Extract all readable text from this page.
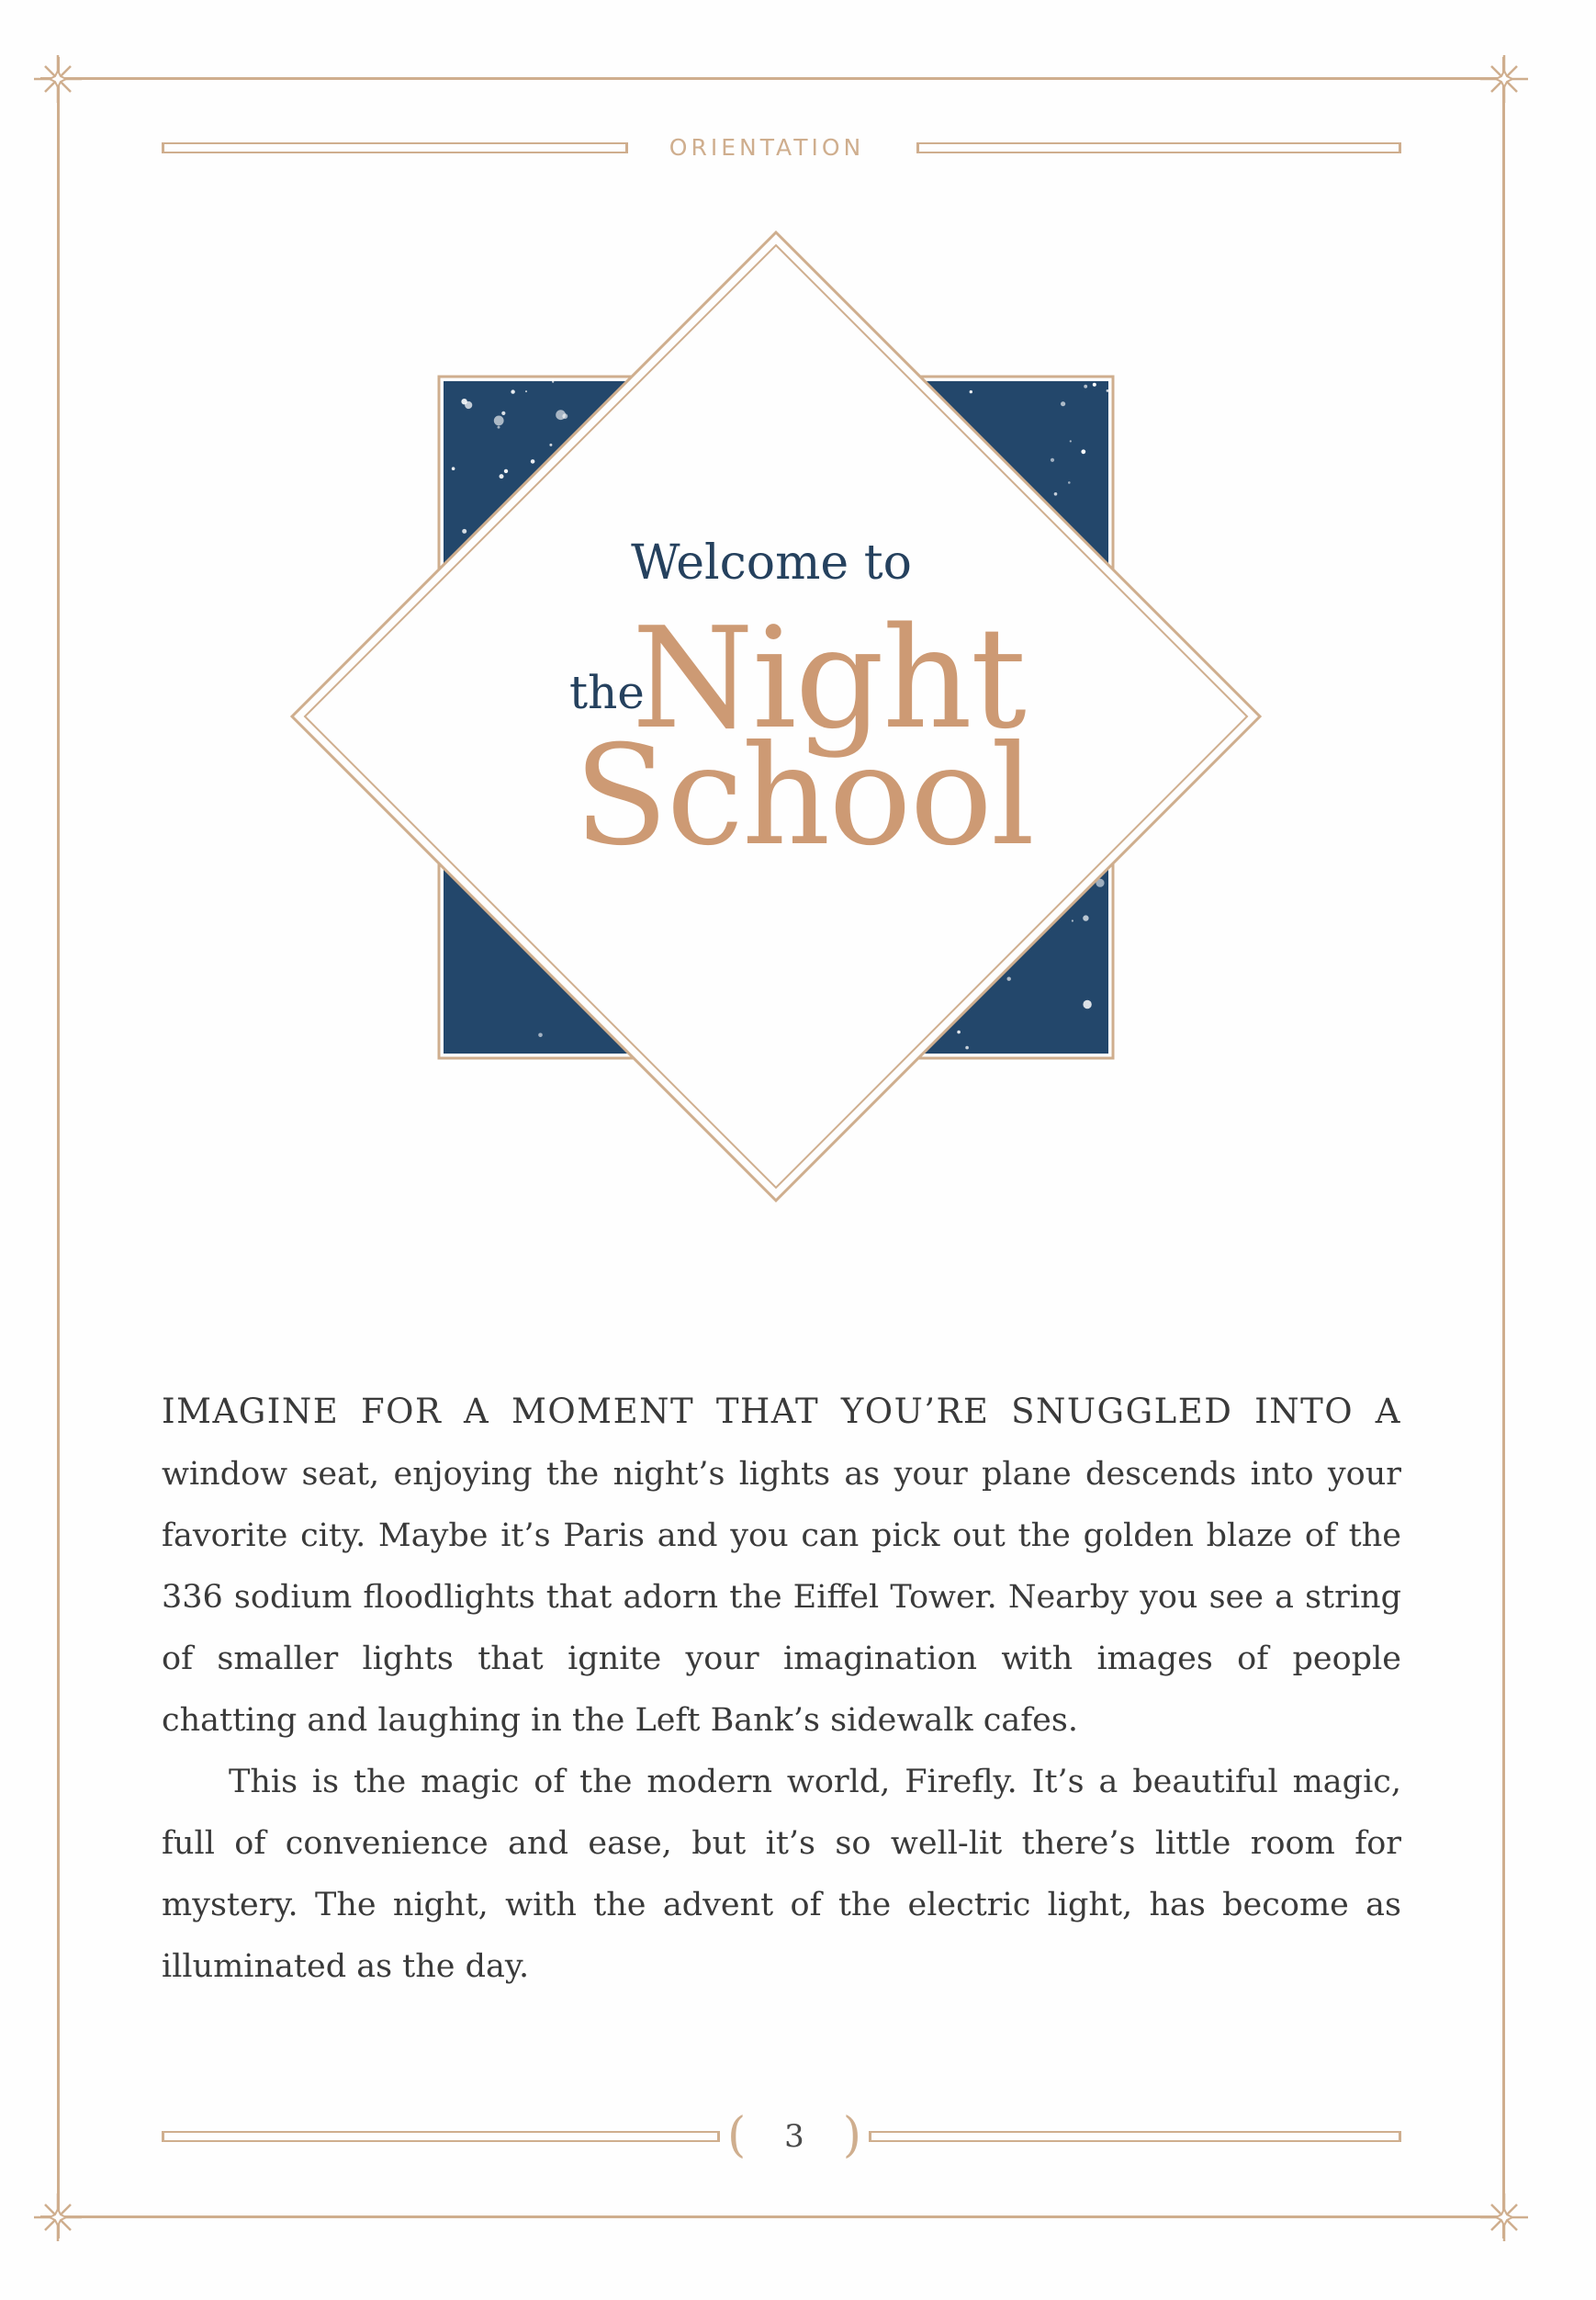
ORIENTATION
Welcome to
the
Night
School

IMAGINE FOR A MOMENT THAT YOU’RE SNUGGLED INTO A window seat, enjoying the night’s lights as your plane descends into your favorite city. Maybe it’s Paris and you can pick out the golden blaze of the 336 sodium floodlights that adorn the Eiffel Tower. Nearby you see a string of smaller lights that ignite your imagination with images of people chatting and laughing in the Left Bank’s sidewalk cafes.

This is the magic of the modern world, Firefly. It’s a beautiful magic, full of convenience and ease, but it’s so well-lit there’s little room for mystery. The night, with the advent of the electric light, has become as illuminated as the day.

( 3 )
